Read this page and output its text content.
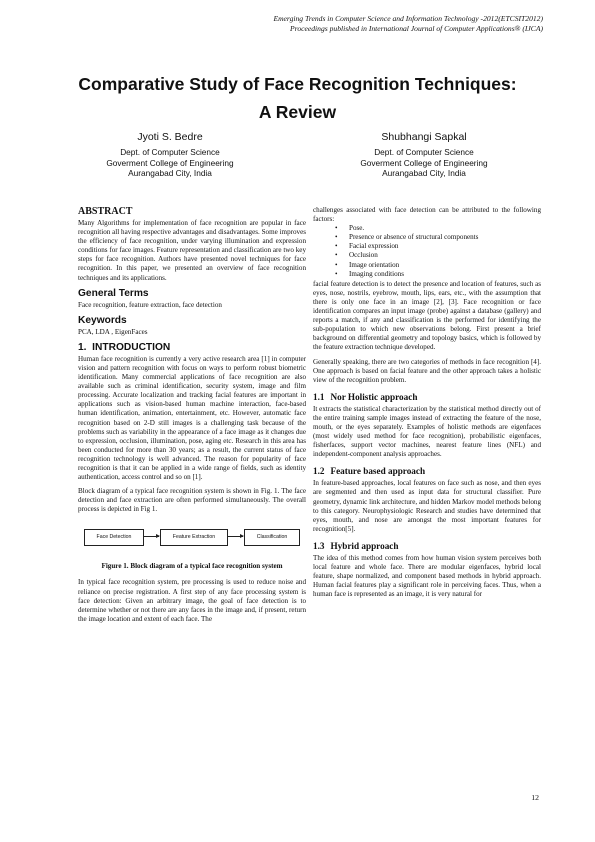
Emerging Trends in Computer Science and Information Technology -2012(ETCSIT2012)
Proceedings published in International Journal of Computer Applications® (IJCA)
Comparative Study of Face Recognition Techniques:
A Review
Jyoti S. Bedre
Dept. of Computer Science
Goverment College of Engineering
Aurangabad City, India
Shubhangi Sapkal
Dept. of Computer Science
Goverment College of Engineering
Aurangabad City, India
ABSTRACT

Many Algorithms for implementation of face recognition are popular in face recognition all having respective advantages and disadvantages. Some improves the efficiency of face recognition, under varying illumination and expression conditions for face images. Feature representation and classification are two key steps for face recognition. Authors have presented novel techniques for face recognition. In this paper, we presented an overview of face recognition techniques and its applications.

General Terms

Face recognition, feature extraction, face detection

Keywords

PCA, LDA , EigenFaces

1. INTRODUCTION

Human face recognition is currently a very active research area [1] in computer vision and pattern recognition with focus on ways to perform robust biometric identification. Many commercial applications of face recognition are also available such as criminal identification, security system, image and film processing. Accurate localization and tracking facial features are important in applications such as vision-based human machine interaction, face-based human identification, animation, entertainment, etc. However, automatic face recognition based on 2-D still images is a challenging task because of the problems such as variability in the appearance of a face image as it changes due to expression, occlusion, illumination, pose, aging etc. Research in this area has been conducted for more than 30 years; as a result, the current status of face recognition technology is well advanced. The reason for popularity of face recognition is that it can be applied in a wide range of fields, such as identity authentication, access control and so on [1].

Block diagram of a typical face recognition system is shown in Fig. 1. The face detection and face extraction are often performed simultaneously. The overall process is depicted in Fig 1.

Face Detection	Feature Extraction	Classification
Figure 1. Block diagram of a typical face recognition system

In typical face recognition system, pre processing is used to reduce noise and reliance on precise registration. A first step of any face processing system is face detection: Given an arbitrary image, the goal of face detection is to determine whether or not there are any faces in the image and, if present, return the image location and extent of each face. The

challenges associated with face detection can be attributed to the following factors:

• Pose.
• Presence or absence of structural components
• Facial expression
• Occlusion
• Image orientation
• Imaging conditions

facial feature detection is to detect the presence and location of features, such as eyes, nose, nostrils, eyebrow, mouth, lips, ears, etc., with the assumption that there is only one face in an image [2], [3]. Face recognition or face identification compares an input image (probe) against a database (gallery) and reports a match, if any and classification is the performed for identifying the sub-population to which new observations belong. First present a brief background on differential geometry and topology basics, which is followed by the feature extraction technique developed.

Generally speaking, there are two categories of methods in face recognition [4]. One approach is based on facial feature and the other approach takes a holistic view of the recognition problem.

1.1 Nor Holistic approach

It extracts the statistical characterization by the statistical method directly out of the entire training sample images instead of extracting the feature of the nose, mouth, or the eyes separately. Examples of holistic methods are eigenfaces (most widely used method for face recognition), probabilistic eigenfaces, fisherfaces, support vector machines, nearest feature lines (NFL) and independent-component analysis approaches.

1.2 Feature based approach

In feature-based approaches, local features on face such as nose, and then eyes are segmented and then used as input data for structural classifier. Pure geometry, dynamic link architecture, and hidden Markov model methods belong to this category. Neurophysiologic Research and studies have determined that eyes, mouth, and nose are amongst the most important features for recognition[5].

1.3 Hybrid approach

The idea of this method comes from how human vision system perceives both local feature and whole face. There are modular eigenfaces, hybrid local feature, shape normalized, and component based methods in hybrid approach. Human facial features play a significant role in perceiving faces. Thus, when a human face is represented as an image, it is very natural for

12
